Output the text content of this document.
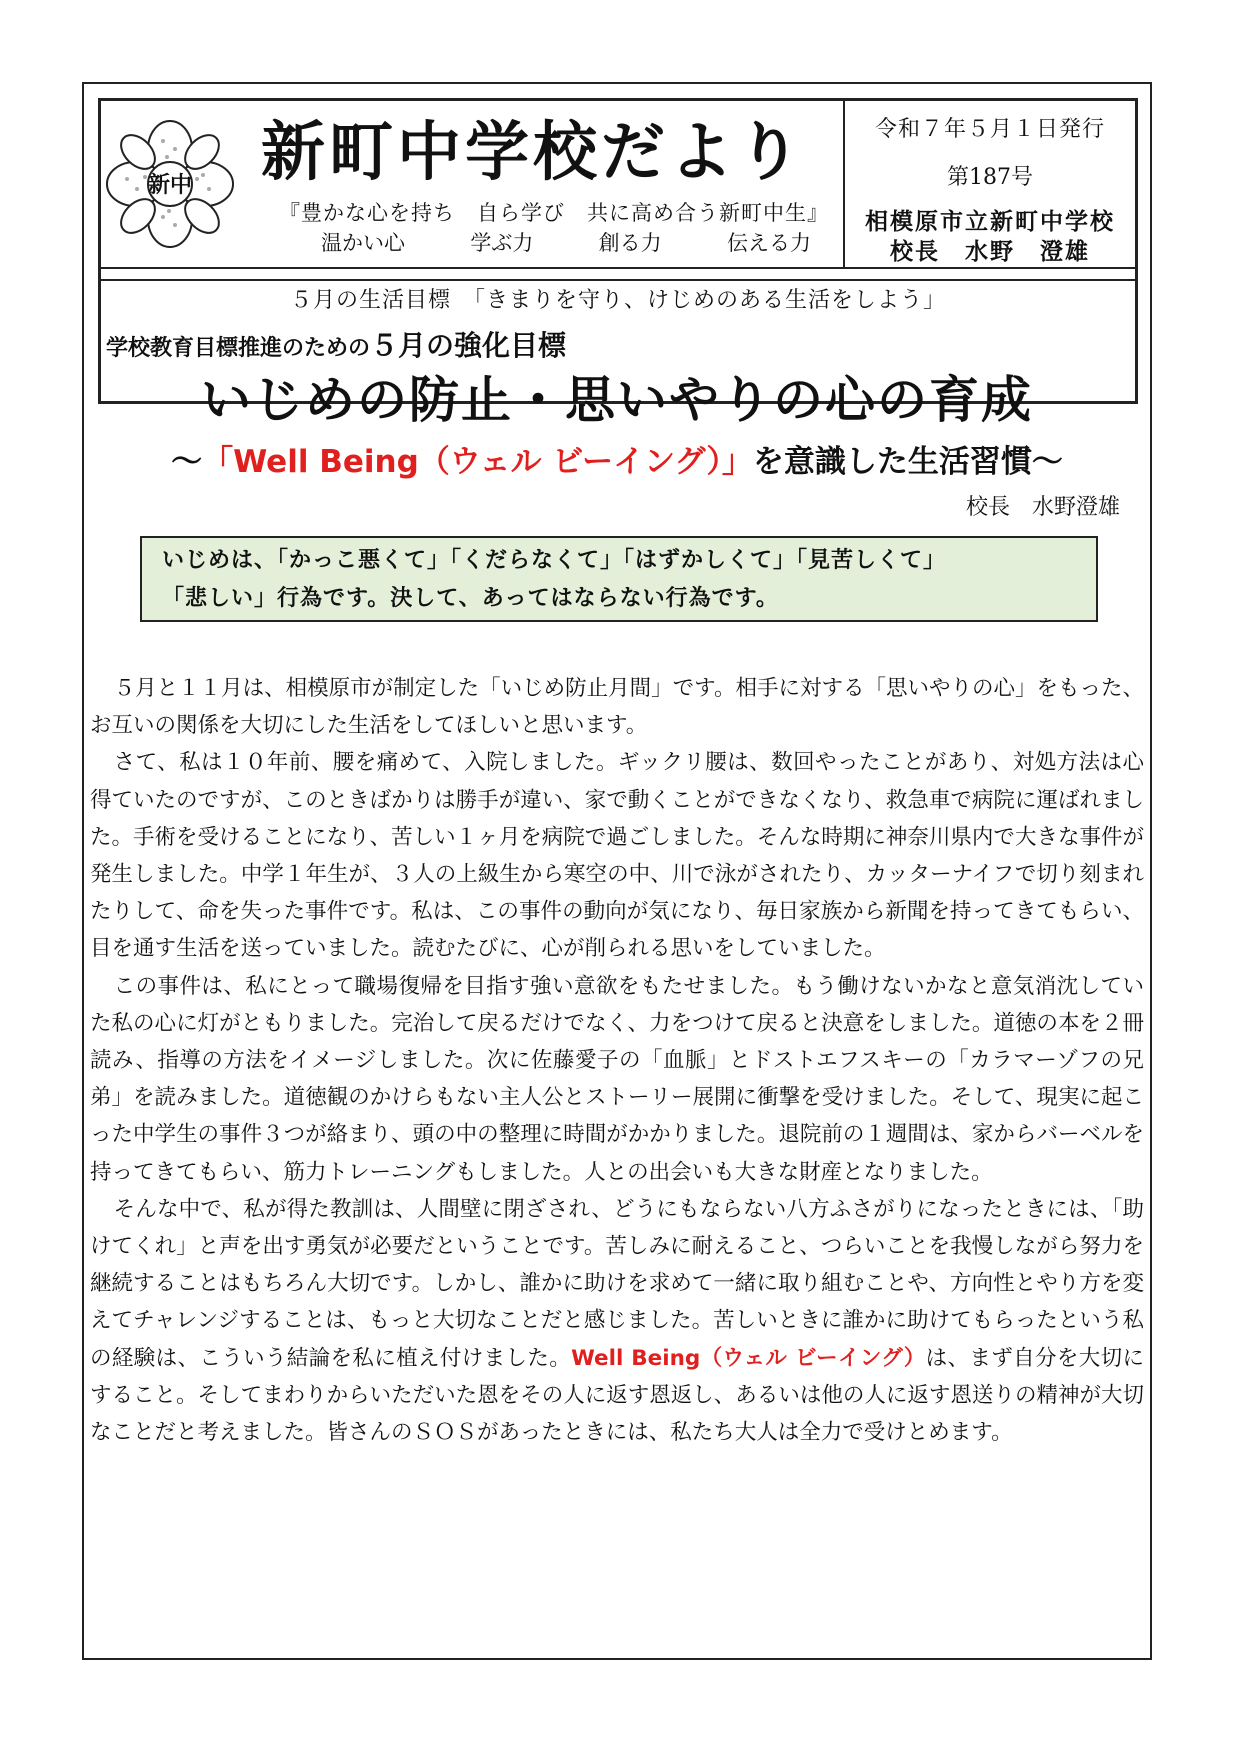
新中 新町中学校だより
『豊かな心を持ち　自ら学び　共に高め合う新町中生』
温かい心	学ぶ力	創る力	伝える力
令和７年５月１日発行
第187号
相模原市立新町中学校
校長　水野　澄雄
５月の生活目標　「きまりを守り、けじめのある生活をしよう」
学校教育目標推進のための５月の強化目標
いじめの防止・思いやりの心の育成
～「Well Being（ウェル ビーイング）」を意識した生活習慣～
校長　水野澄雄
いじめは、「かっこ悪くて」「くだらなくて」「はずかしくて」「見苦しくて」
「悲しい」行為です。決して、あってはならない行為です。

５月と１１月は、相模原市が制定した「いじめ防止月間」です。相手に対する「思いやりの心」をもった、お互いの関係を大切にした生活をしてほしいと思います。

さて、私は１０年前、腰を痛めて、入院しました。ギックリ腰は、数回やったことがあり、対処方法は心得ていたのですが、このときばかりは勝手が違い、家で動くことができなくなり、救急車で病院に運ばれました。手術を受けることになり、苦しい１ヶ月を病院で過ごしました。そんな時期に神奈川県内で大きな事件が発生しました。中学１年生が、３人の上級生から寒空の中、川で泳がされたり、カッターナイフで切り刻まれたりして、命を失った事件です。私は、この事件の動向が気になり、毎日家族から新聞を持ってきてもらい、目を通す生活を送っていました。読むたびに、心が削られる思いをしていました。

この事件は、私にとって職場復帰を目指す強い意欲をもたせました。もう働けないかなと意気消沈していた私の心に灯がともりました。完治して戻るだけでなく、力をつけて戻ると決意をしました。道徳の本を２冊読み、指導の方法をイメージしました。次に佐藤愛子の「血脈」とドストエフスキーの「カラマーゾフの兄弟」を読みました。道徳観のかけらもない主人公とストーリー展開に衝撃を受けました。そして、現実に起こった中学生の事件３つが絡まり、頭の中の整理に時間がかかりました。退院前の１週間は、家からバーベルを持ってきてもらい、筋力トレーニングもしました。人との出会いも大きな財産となりました。

そんな中で、私が得た教訓は、人間壁に閉ざされ、どうにもならない八方ふさがりになったときには、「助けてくれ」と声を出す勇気が必要だということです。苦しみに耐えること、つらいことを我慢しながら努力を継続することはもちろん大切です。しかし、誰かに助けを求めて一緒に取り組むことや、方向性とやり方を変えてチャレンジすることは、もっと大切なことだと感じました。苦しいときに誰かに助けてもらったという私の経験は、こういう結論を私に植え付けました。Well Being（ウェル ビーイング）は、まず自分を大切にすること。そしてまわりからいただいた恩をその人に返す恩返し、あるいは他の人に返す恩送りの精神が大切なことだと考えました。皆さんのＳＯＳがあったときには、私たち大人は全力で受けとめます。
